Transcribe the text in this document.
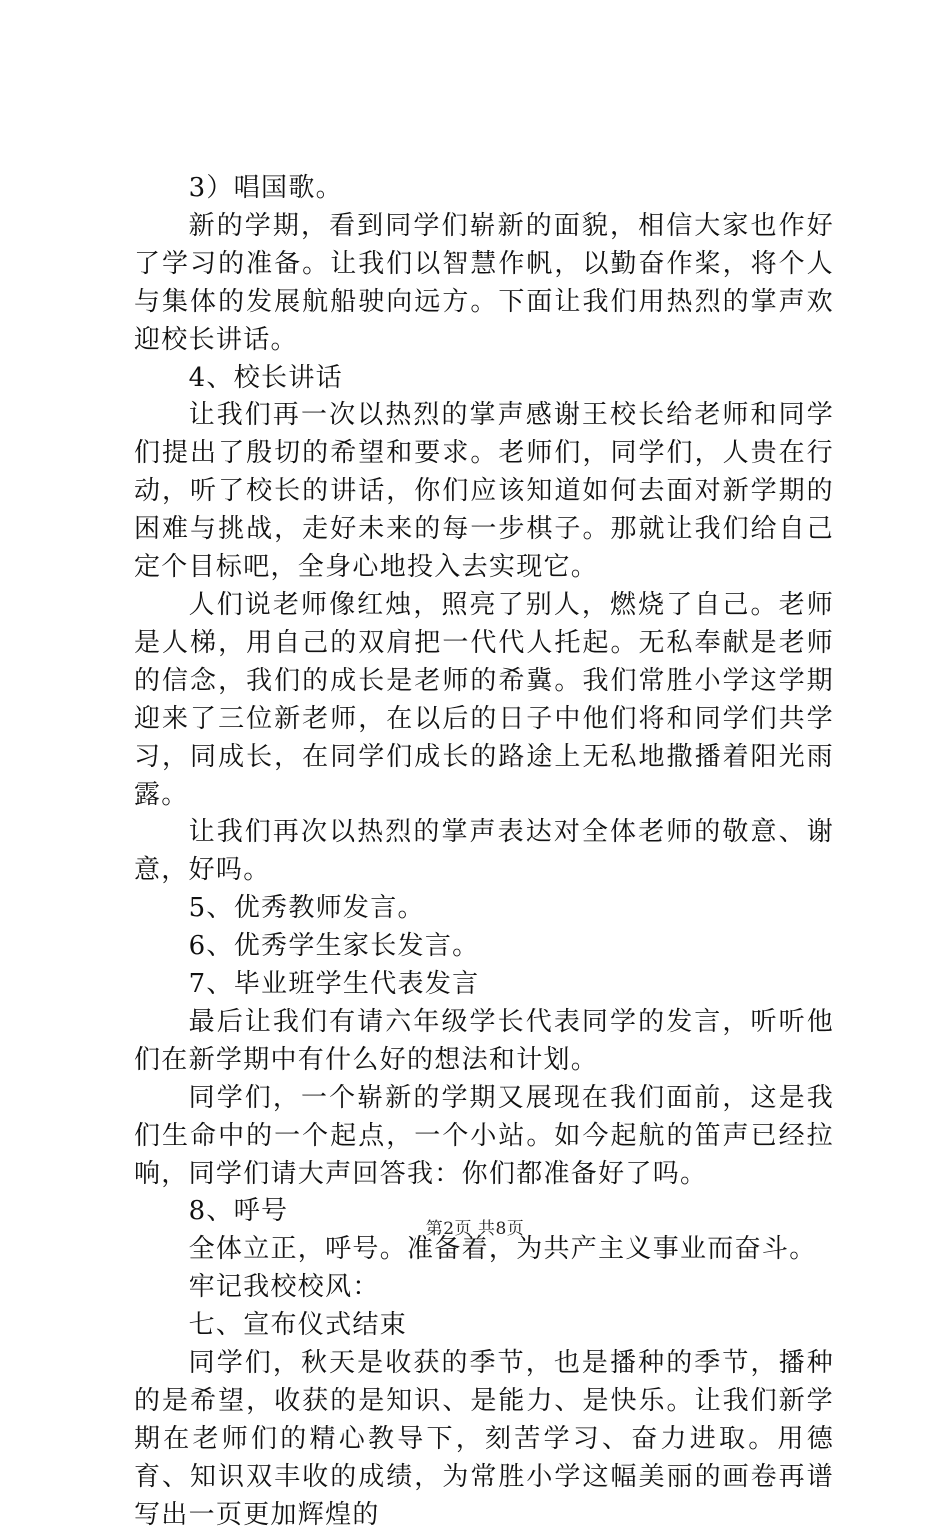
3）唱国歌。

新的学期，看到同学们崭新的面貌，相信大家也作好了学习的准备。让我们以智慧作帆，以勤奋作桨，将个人与集体的发展航船驶向远方。下面让我们用热烈的掌声欢迎校长讲话。

4、校长讲话

让我们再一次以热烈的掌声感谢王校长给老师和同学们提出了殷切的希望和要求。老师们，同学们，人贵在行动，听了校长的讲话，你们应该知道如何去面对新学期的困难与挑战，走好未来的每一步棋子。那就让我们给自己定个目标吧，全身心地投入去实现它。

人们说老师像红烛，照亮了别人，燃烧了自己。老师是人梯，用自己的双肩把一代代人托起。无私奉献是老师的信念，我们的成长是老师的希冀。我们常胜小学这学期迎来了三位新老师，在以后的日子中他们将和同学们共学习，同成长，在同学们成长的路途上无私地撒播着阳光雨露。

让我们再次以热烈的掌声表达对全体老师的敬意、谢意，好吗。

5、优秀教师发言。

6、优秀学生家长发言。

7、毕业班学生代表发言

最后让我们有请六年级学长代表同学的发言，听听他们在新学期中有什么好的想法和计划。

同学们，一个崭新的学期又展现在我们面前，这是我们生命中的一个起点，一个小站。如今起航的笛声已经拉响，同学们请大声回答我：你们都准备好了吗。

8、呼号

全体立正，呼号。准备着，为共产主义事业而奋斗。

牢记我校校风：

七、宣布仪式结束

同学们，秋天是收获的季节，也是播种的季节，播种的是希望，收获的是知识、是能力、是快乐。让我们新学期在老师们的精心教导下，刻苦学习、奋力进取。用德育、知识双丰收的成绩，为常胜小学这幅美丽的画卷再谱写出一页更加辉煌的

第2页 共8页
